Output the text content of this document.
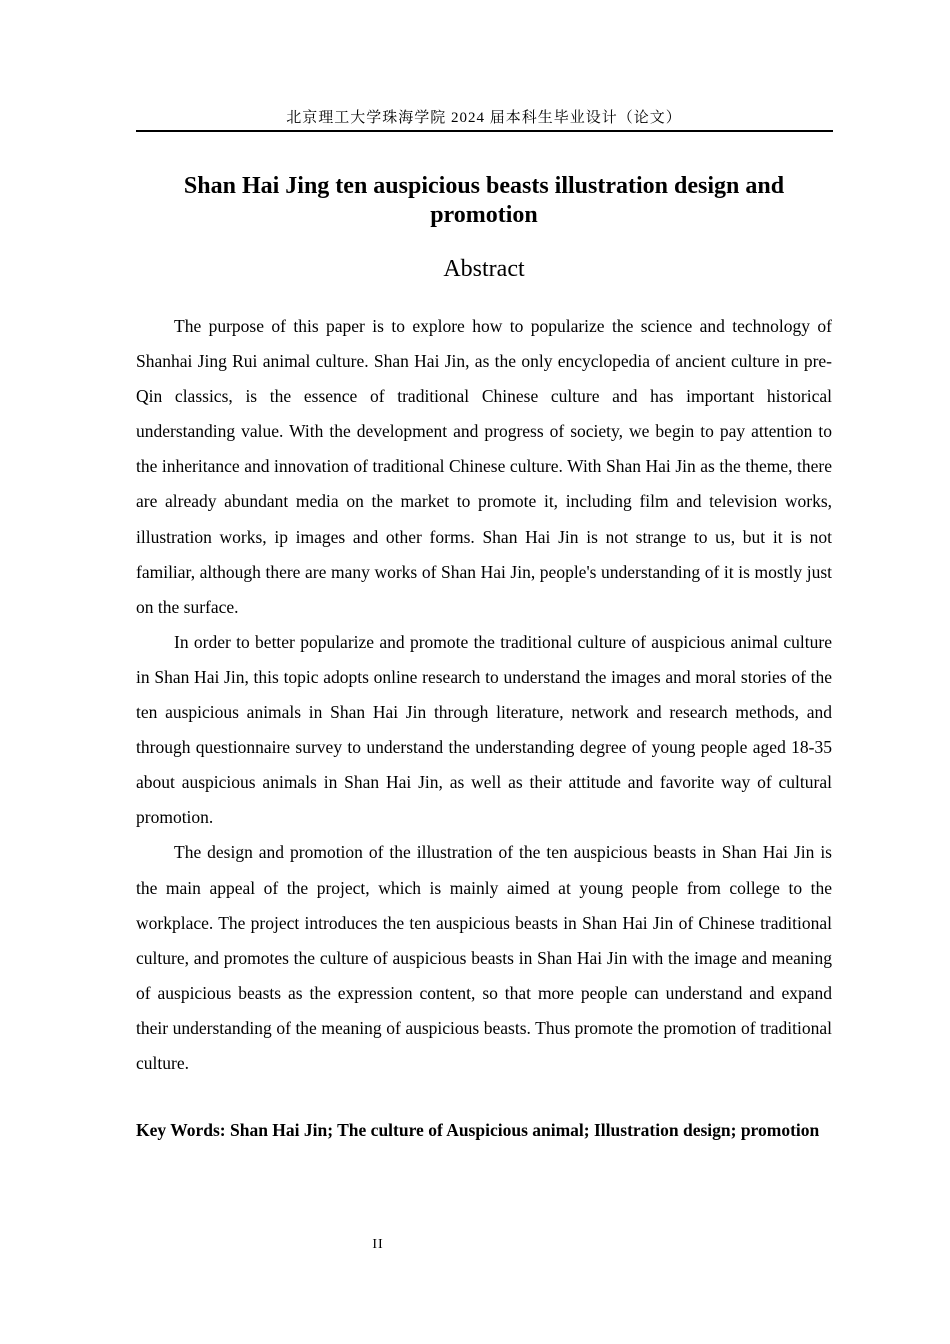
北京理工大学珠海学院 2024 届本科生毕业设计（论文）
Shan Hai Jing ten auspicious beasts illustration design and promotion
Abstract

The purpose of this paper is to explore how to popularize the science and technology of Shanhai Jing Rui animal culture. Shan Hai Jin, as the only encyclopedia of ancient culture in pre-Qin classics, is the essence of traditional Chinese culture and has important historical understanding value. With the development and progress of society, we begin to pay attention to the inheritance and innovation of traditional Chinese culture. With Shan Hai Jin as the theme, there are already abundant media on the market to promote it, including film and television works, illustration works, ip images and other forms. Shan Hai Jin is not strange to us, but it is not familiar, although there are many works of Shan Hai Jin, people's understanding of it is mostly just on the surface.

In order to better popularize and promote the traditional culture of auspicious animal culture in Shan Hai Jin, this topic adopts online research to understand the images and moral stories of the ten auspicious animals in Shan Hai Jin through literature, network and research methods, and through questionnaire survey to understand the understanding degree of young people aged 18-35 about auspicious animals in Shan Hai Jin, as well as their attitude and favorite way of cultural promotion.

The design and promotion of the illustration of the ten auspicious beasts in Shan Hai Jin is the main appeal of the project, which is mainly aimed at young people from college to the workplace. The project introduces the ten auspicious beasts in Shan Hai Jin of Chinese traditional culture, and promotes the culture of auspicious beasts in Shan Hai Jin with the image and meaning of auspicious beasts as the expression content, so that more people can understand and expand their understanding of the meaning of auspicious beasts. Thus promote the promotion of traditional culture.

Key Words: Shan Hai Jin; The culture of Auspicious animal; Illustration design; promotion
II
